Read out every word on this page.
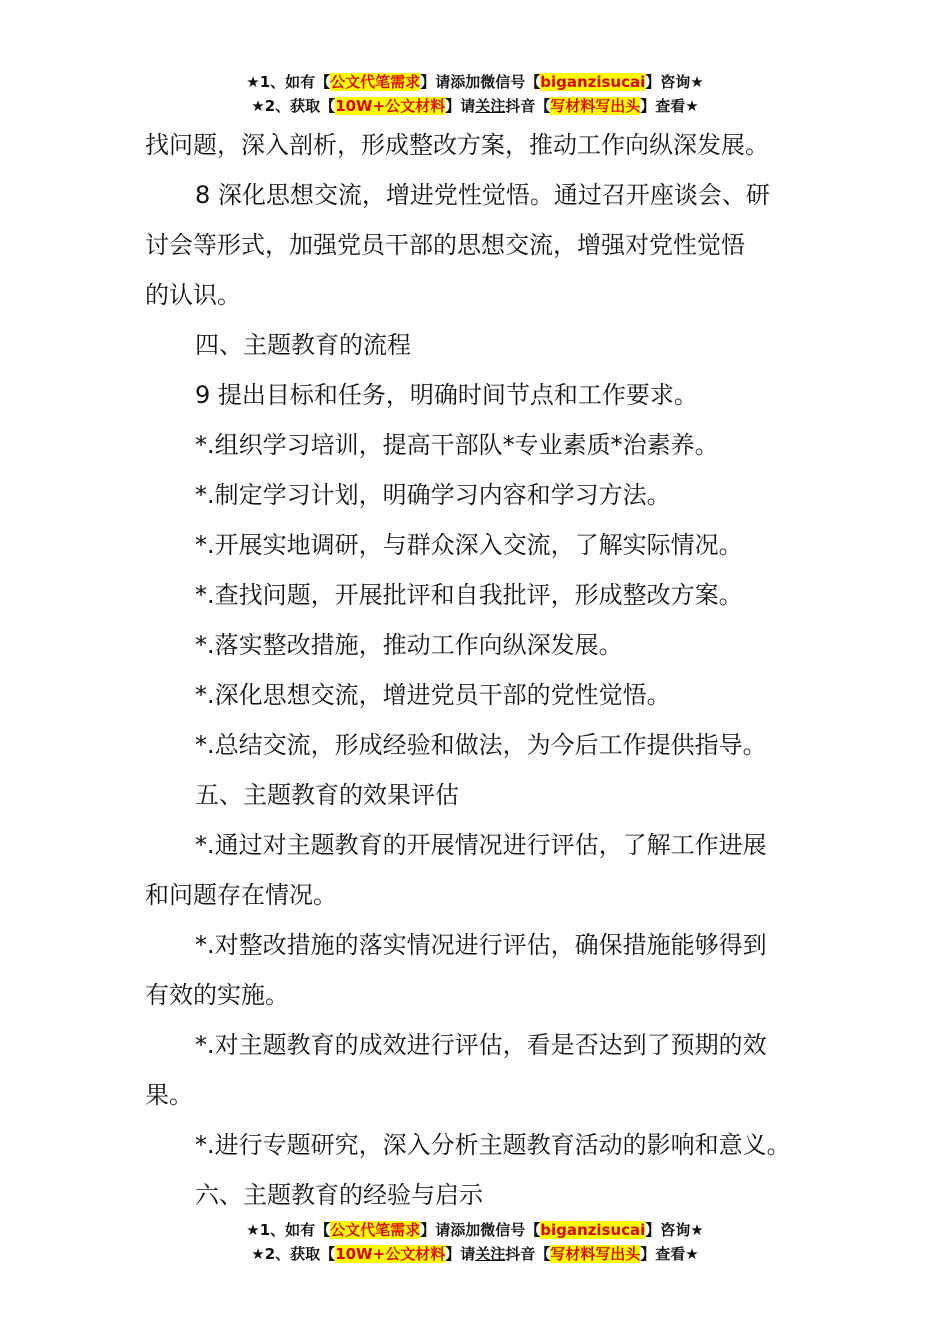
★1、如有【公文代笔需求】请添加微信号【biganzisucai】咨询★
★2、获取【10W+公文材料】请关注抖音【写材料写出头】查看★
找问题，深入剖析，形成整改方案，推动工作向纵深发展。
8 深化思想交流，增进党性觉悟。通过召开座谈会、研
讨会等形式，加强党员干部的思想交流，增强对党性觉悟
的认识。
四、主题教育的流程
9 提出目标和任务，明确时间节点和工作要求。
*.组织学习培训，提高干部队*专业素质*治素养。
*.制定学习计划，明确学习内容和学习方法。
*.开展实地调研，与群众深入交流，了解实际情况。
*.查找问题，开展批评和自我批评，形成整改方案。
*.落实整改措施，推动工作向纵深发展。
*.深化思想交流，增进党员干部的党性觉悟。
*.总结交流，形成经验和做法，为今后工作提供指导。
五、主题教育的效果评估
*.通过对主题教育的开展情况进行评估，了解工作进展
和问题存在情况。
*.对整改措施的落实情况进行评估，确保措施能够得到
有效的实施。
*.对主题教育的成效进行评估，看是否达到了预期的效
果。
*.进行专题研究，深入分析主题教育活动的影响和意义。
六、主题教育的经验与启示
★1、如有【公文代笔需求】请添加微信号【biganzisucai】咨询★
★2、获取【10W+公文材料】请关注抖音【写材料写出头】查看★
